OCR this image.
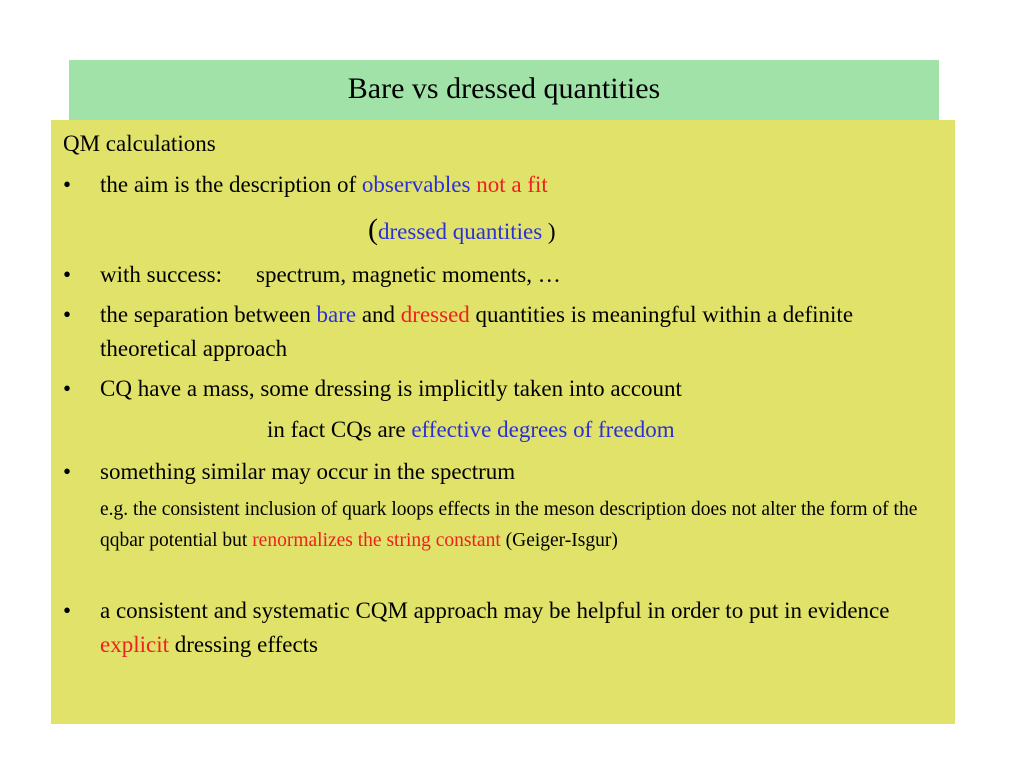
Bare vs dressed quantities
QM calculations
• the aim is the description of observables not a fit
(dressed quantities )
• with success: spectrum, magnetic moments, …
• the separation between bare and dressed quantities is meaningful within a definite theoretical approach
• CQ have a mass, some dressing is implicitly taken into account
in fact CQs are effective degrees of freedom
• something similar may occur in the spectrum
e.g. the consistent inclusion of quark loops effects in the meson description does not alter the form of the qqbar potential but renormalizes the string constant (Geiger-Isgur)
• a consistent and systematic CQM approach may be helpful in order to put in evidence explicit dressing effects
